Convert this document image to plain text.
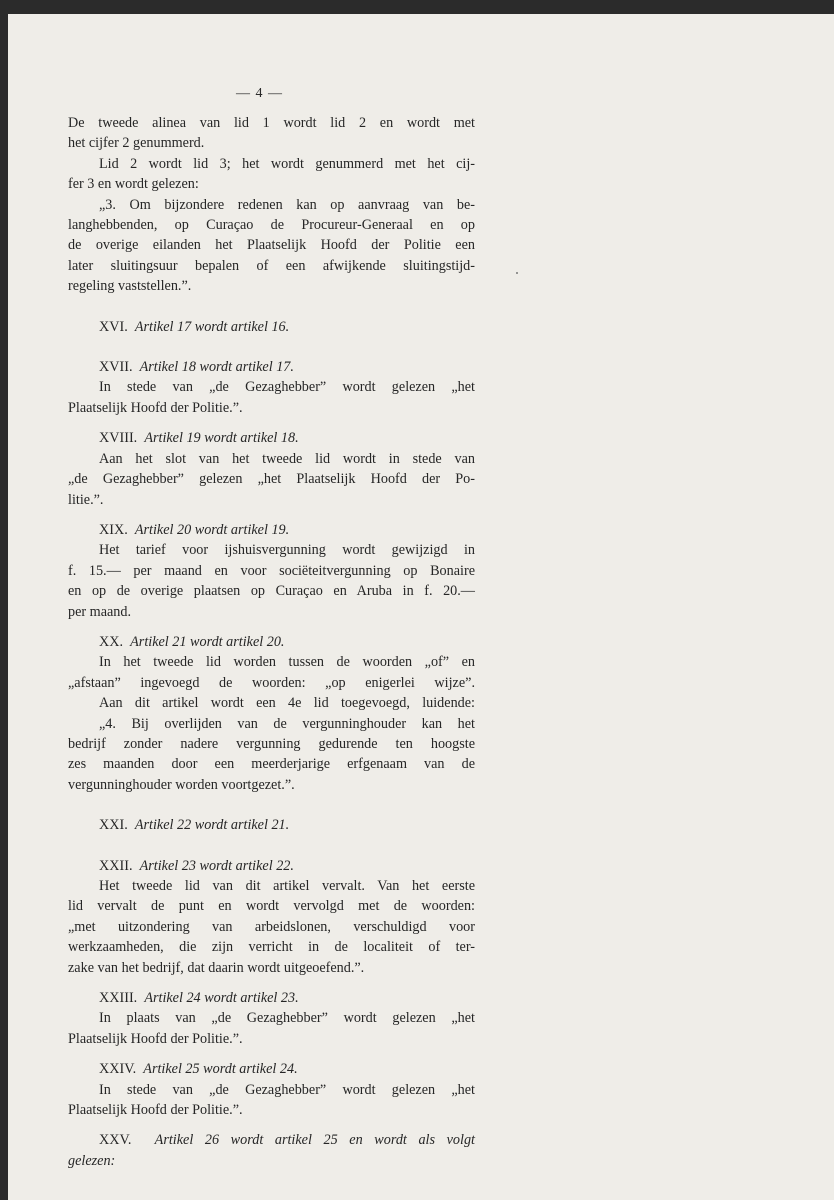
— 4 —
De tweede alinea van lid 1 wordt lid 2 en wordt met
het cijfer 2 genummerd.
Lid 2 wordt lid 3; het wordt genummerd met het cij-
fer 3 en wordt gelezen:
„3. Om bijzondere redenen kan op aanvraag van be-
langhebbenden, op Curaçao de Procureur-Generaal en op
de overige eilanden het Plaatselijk Hoofd der Politie een
later sluitingsuur bepalen of een afwijkende sluitingstijd-
regeling vaststellen.”.
XVI. Artikel 17 wordt artikel 16.
XVII. Artikel 18 wordt artikel 17.
In stede van „de Gezaghebber” wordt gelezen „het
Plaatselijk Hoofd der Politie.”.
XVIII. Artikel 19 wordt artikel 18.
Aan het slot van het tweede lid wordt in stede van
„de Gezaghebber” gelezen „het Plaatselijk Hoofd der Po-
litie.”.
XIX. Artikel 20 wordt artikel 19.
Het tarief voor ijshuisvergunning wordt gewijzigd in
f. 15.— per maand en voor sociëteitvergunning op Bonaire
en op de overige plaatsen op Curaçao en Aruba in f. 20.—
per maand.
XX. Artikel 21 wordt artikel 20.
In het tweede lid worden tussen de woorden „of” en
„afstaan” ingevoegd de woorden: „op enigerlei wijze”.
Aan dit artikel wordt een 4e lid toegevoegd, luidende:
„4. Bij overlijden van de vergunninghouder kan het
bedrijf zonder nadere vergunning gedurende ten hoogste
zes maanden door een meerderjarige erfgenaam van de
vergunninghouder worden voortgezet.”.
XXI. Artikel 22 wordt artikel 21.
XXII. Artikel 23 wordt artikel 22.
Het tweede lid van dit artikel vervalt. Van het eerste
lid vervalt de punt en wordt vervolgd met de woorden:
„met uitzondering van arbeidslonen, verschuldigd voor
werkzaamheden, die zijn verricht in de localiteit of ter-
zake van het bedrijf, dat daarin wordt uitgeoefend.”.
XXIII. Artikel 24 wordt artikel 23.
In plaats van „de Gezaghebber” wordt gelezen „het
Plaatselijk Hoofd der Politie.”.
XXIV. Artikel 25 wordt artikel 24.
In stede van „de Gezaghebber” wordt gelezen „het
Plaatselijk Hoofd der Politie.”.
XXV. Artikel 26 wordt artikel 25 en wordt als volgt
gelezen:
